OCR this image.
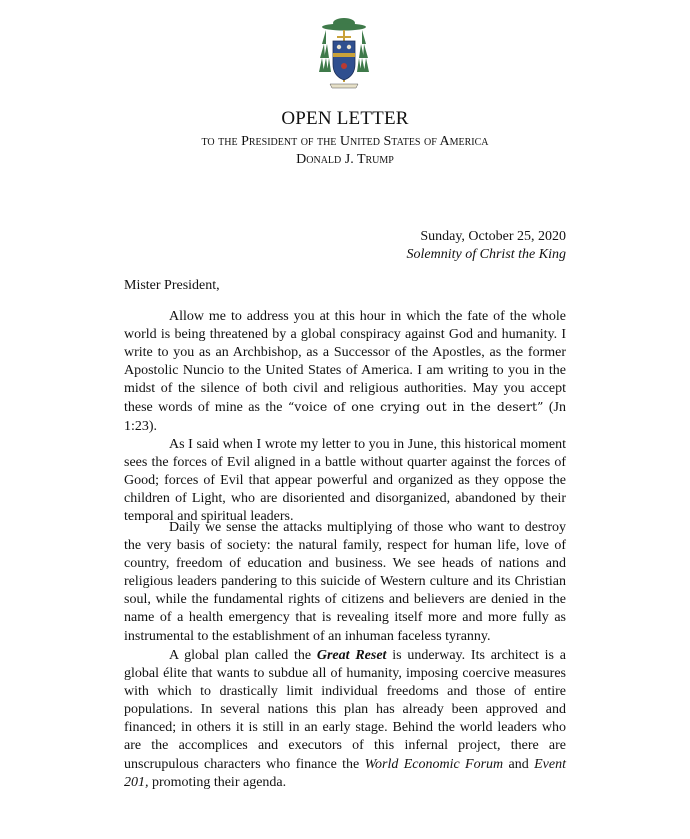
OPEN LETTER
to the President of the United States of America
Donald J. Trump
Sunday, October 25, 2020
Solemnity of Christ the King
Mister President,

Allow me to address you at this hour in which the fate of the whole world is being threatened by a global conspiracy against God and humanity. I write to you as an Archbishop, as a Successor of the Apostles, as the former Apostolic Nuncio to the United States of America. I am writing to you in the midst of the silence of both civil and religious authorities. May you accept these words of mine as the “voice of one crying out in the desert” (Jn 1:23).

As I said when I wrote my letter to you in June, this historical moment sees the forces of Evil aligned in a battle without quarter against the forces of Good; forces of Evil that appear powerful and organized as they oppose the children of Light, who are disoriented and disorganized, abandoned by their temporal and spiritual leaders.

Daily we sense the attacks multiplying of those who want to destroy the very basis of society: the natural family, respect for human life, love of country, freedom of education and business. We see heads of nations and religious leaders pandering to this suicide of Western culture and its Christian soul, while the fundamental rights of citizens and believers are denied in the name of a health emergency that is revealing itself more and more fully as instrumental to the establishment of an inhuman faceless tyranny.

A global plan called the Great Reset is underway. Its architect is a global élite that wants to subdue all of humanity, imposing coercive measures with which to drastically limit individual freedoms and those of entire populations. In several nations this plan has already been approved and financed; in others it is still in an early stage. Behind the world leaders who are the accomplices and executors of this infernal project, there are unscrupulous characters who finance the World Economic Forum and Event 201, promoting their agenda.
